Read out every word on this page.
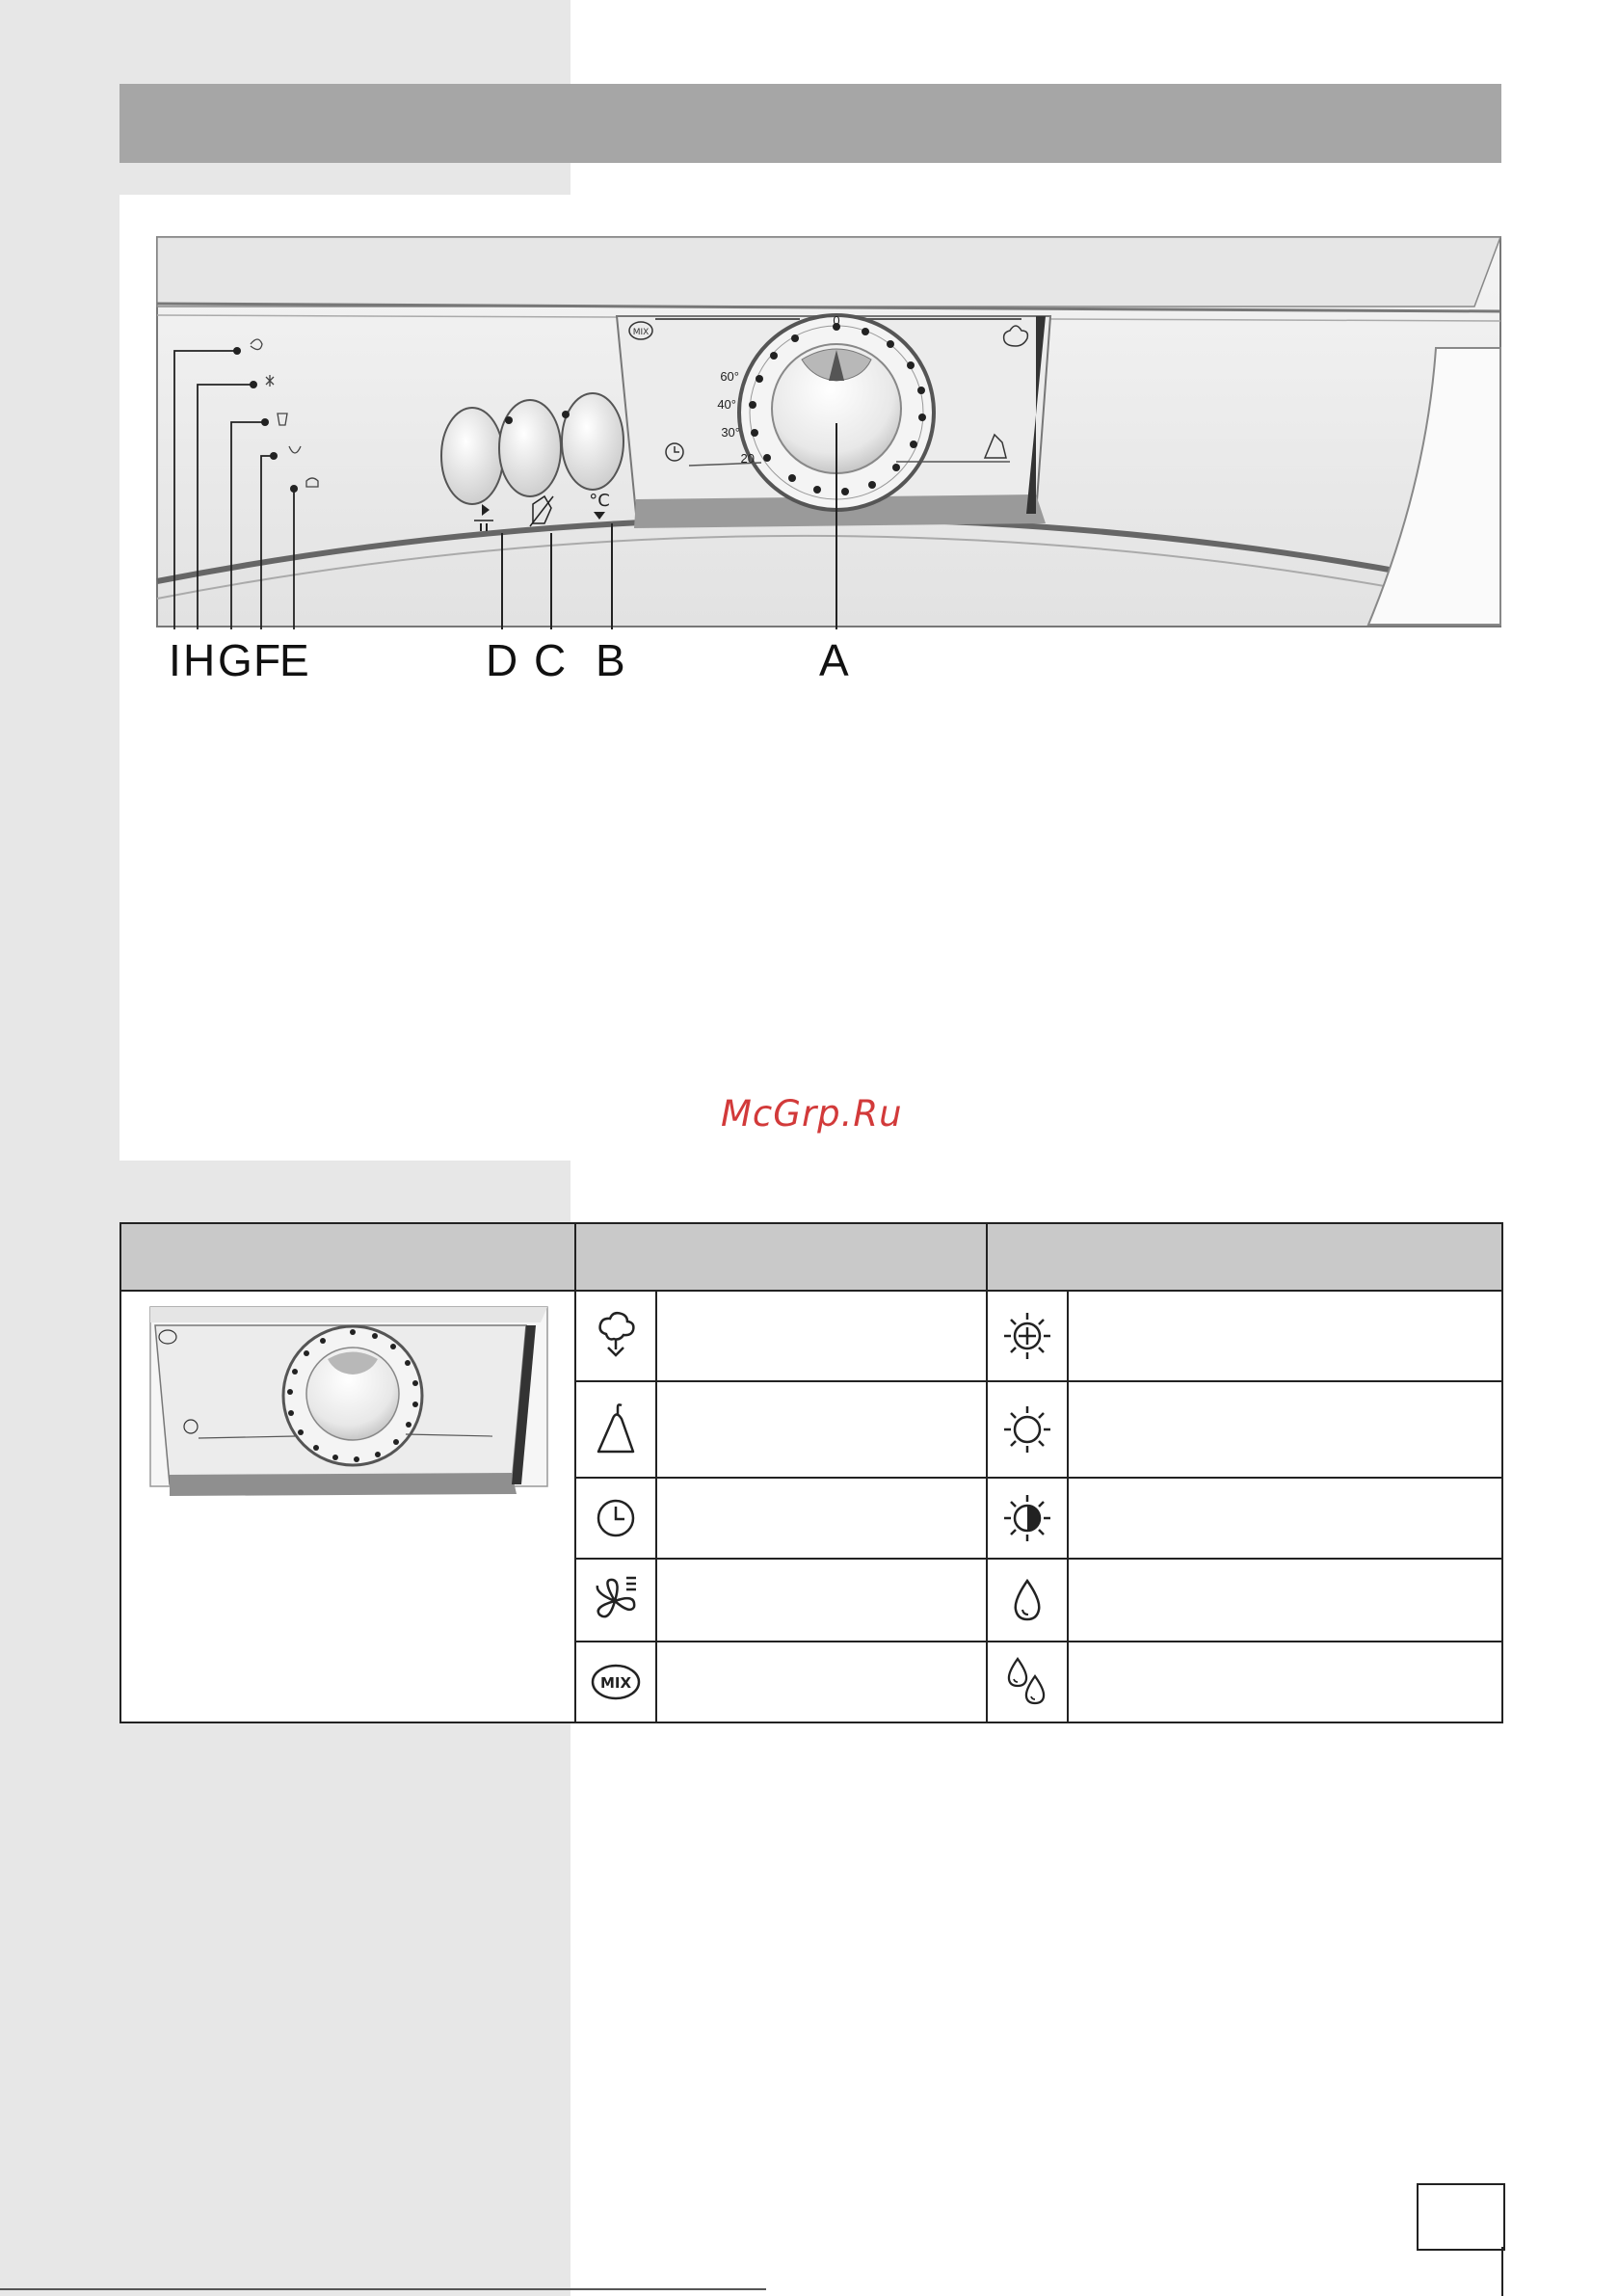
MIX
0
60°
40°
30°
20
°C
I H G F
E	D C B	A
McGrp.Ru

MIX
